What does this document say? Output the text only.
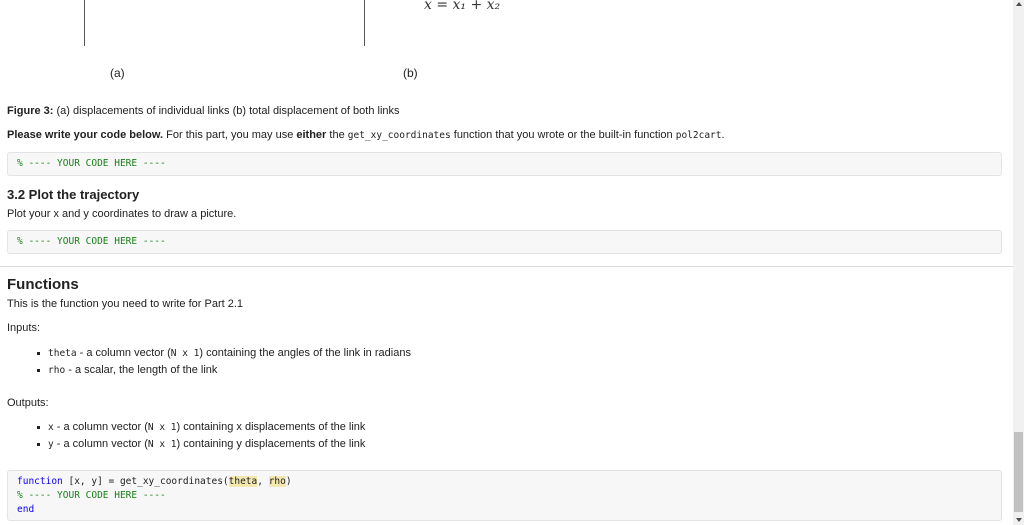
x = x₁ + x₂
(a)	(b)
Figure 3: (a) displacements of individual links (b) total displacement of both links
Please write your code below. For this part, you may use either the get_xy_coordinates function that you wrote or the built-in function pol2cart.
% ---- YOUR CODE HERE ----
3.2 Plot the trajectory
Plot your x and y coordinates to draw a picture.
% ---- YOUR CODE HERE ----
Functions
This is the function you need to write for Part 2.1
Inputs:
theta - a column vector (N x 1) containing the angles of the link in radians
rho - a scalar, the length of the link
Outputs:
x - a column vector (N x 1) containing x displacements of the link
y - a column vector (N x 1) containing y displacements of the link
function [x, y] = get_xy_coordinates(theta, rho)
% ---- YOUR CODE HERE ----
end
